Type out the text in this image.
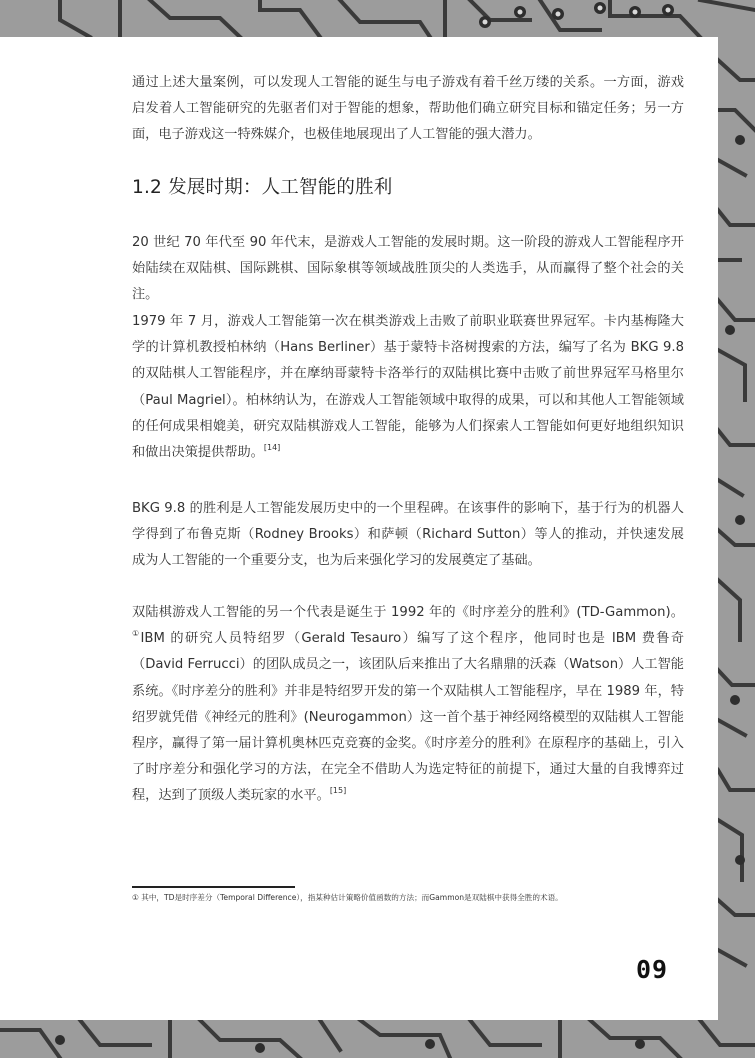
通过上述大量案例，可以发现人工智能的诞生与电子游戏有着千丝万缕的关系。一方面，游戏启发着人工智能研究的先驱者们对于智能的想象，帮助他们确立研究目标和锚定任务；另一方面，电子游戏这一特殊媒介，也极佳地展现出了人工智能的强大潜力。

1.2 发展时期：人工智能的胜利

20 世纪 70 年代至 90 年代末，是游戏人工智能的发展时期。这一阶段的游戏人工智能程序开始陆续在双陆棋、国际跳棋、国际象棋等领域战胜顶尖的人类选手，从而赢得了整个社会的关注。

1979 年 7 月，游戏人工智能第一次在棋类游戏上击败了前职业联赛世界冠军。卡内基梅隆大学的计算机教授柏林纳（Hans Berliner）基于蒙特卡洛树搜索的方法，编写了名为 BKG 9.8 的双陆棋人工智能程序，并在摩纳哥蒙特卡洛举行的双陆棋比赛中击败了前世界冠军马格里尔（Paul Magriel）。柏林纳认为，在游戏人工智能领域中取得的成果，可以和其他人工智能领域的任何成果相媲美，研究双陆棋游戏人工智能，能够为人们探索人工智能如何更好地组织知识和做出决策提供帮助。[14]

BKG 9.8 的胜利是人工智能发展历史中的一个里程碑。在该事件的影响下，基于行为的机器人学得到了布鲁克斯（Rodney Brooks）和萨顿（Richard Sutton）等人的推动，并快速发展成为人工智能的一个重要分支，也为后来强化学习的发展奠定了基础。

双陆棋游戏人工智能的另一个代表是诞生于 1992 年的《时序差分的胜利》(TD-Gammon)。①IBM 的研究人员特绍罗（Gerald Tesauro）编写了这个程序，他同时也是 IBM 费鲁奇（David Ferrucci）的团队成员之一，该团队后来推出了大名鼎鼎的沃森（Watson）人工智能系统。《时序差分的胜利》并非是特绍罗开发的第一个双陆棋人工智能程序，早在 1989 年，特绍罗就凭借《神经元的胜利》(Neurogammon）这一首个基于神经网络模型的双陆棋人工智能程序，赢得了第一届计算机奥林匹克竞赛的金奖。《时序差分的胜利》在原程序的基础上，引入了时序差分和强化学习的方法，在完全不借助人为选定特征的前提下，通过大量的自我博弈过程，达到了顶级人类玩家的水平。[15]

① 其中，TD是时序差分（Temporal Difference），指某种估计策略价值函数的方法；而Gammon是双陆棋中获得全胜的术语。

09
